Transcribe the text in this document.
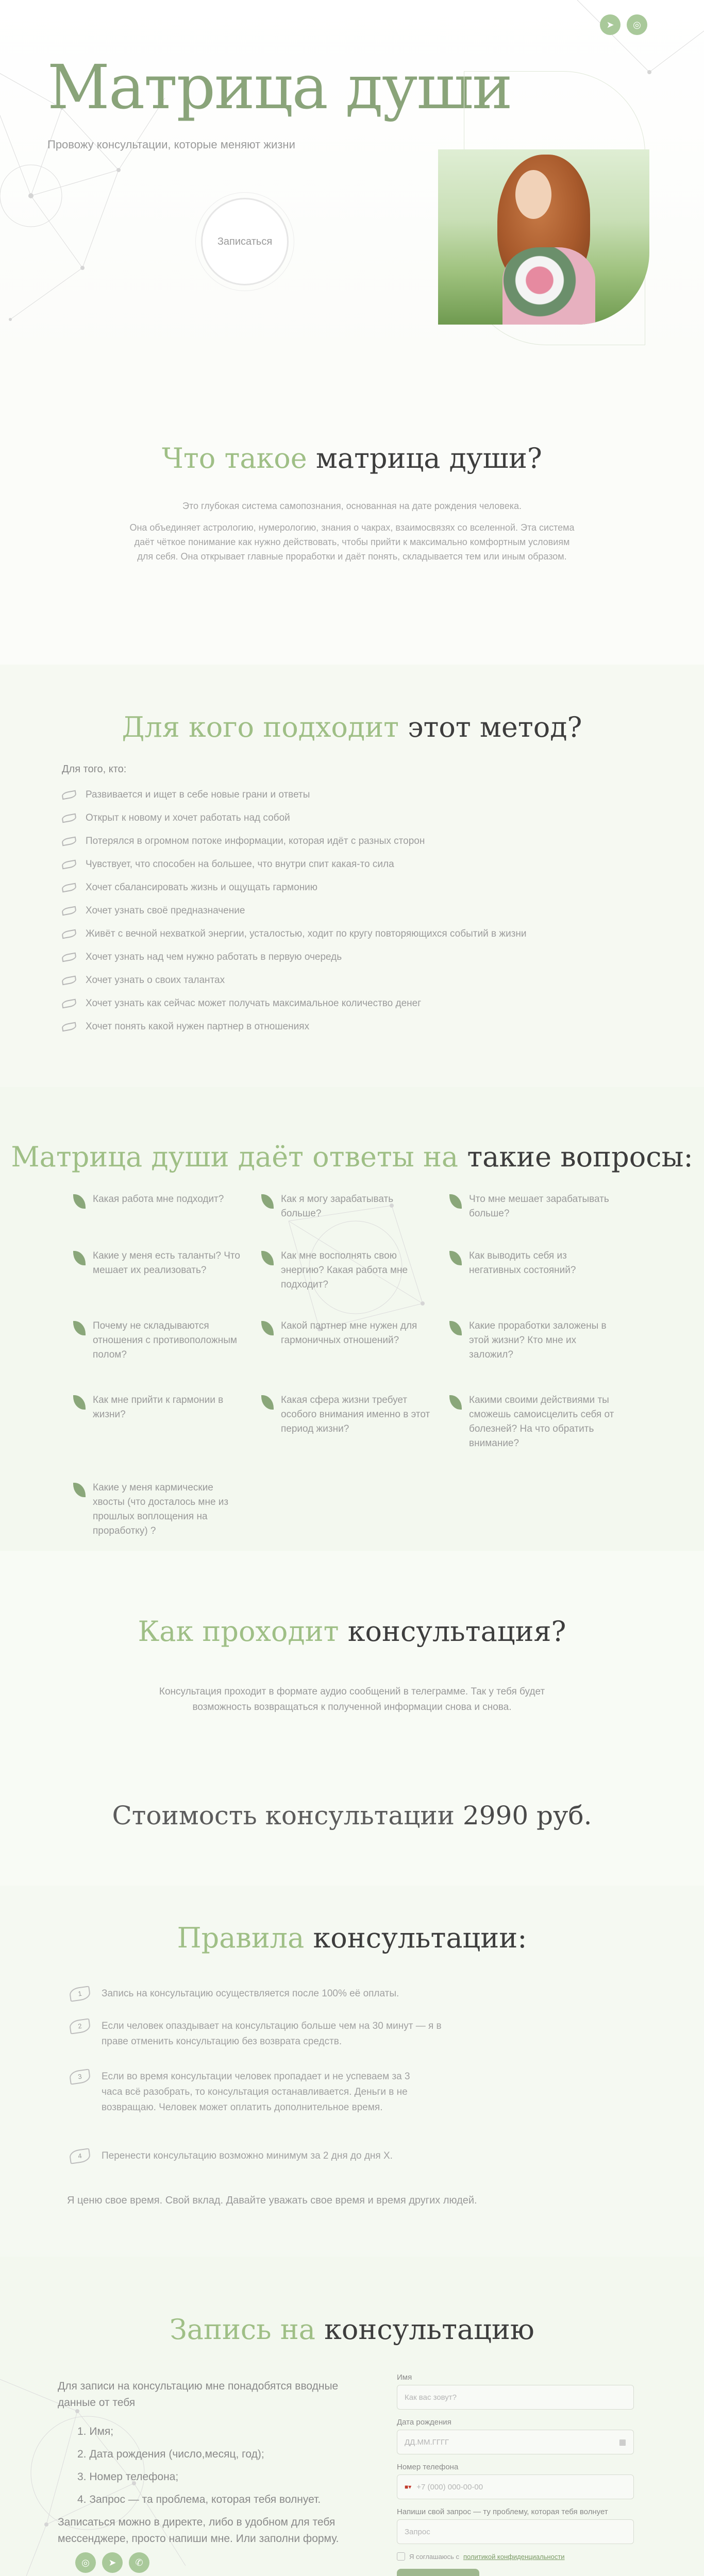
➤	◎
Матрица души
Провожу консультации, которые меняют жизни
Записаться
Что такое матрица души?

Это глубокая система самопознания, основанная на дате рождения человека.

Она объединяет астрологию, нумерологию, знания о чакрах, взаимосвязях со вселенной. Эта система даёт чёткое понимание как нужно действовать, чтобы прийти к максимально комфортным условиям для себя. Она открывает главные проработки и даёт понять, складывается тем или иным образом.

Для кого подходит этот метод?
Для того, кто:
Развивается и ищет в себе новые грани и ответы
Открыт к новому и хочет работать над собой
Потерялся в огромном потоке информации, которая идёт с разных сторон
Чувствует, что способен на большее, что внутри спит какая-то сила
Хочет сбалансировать жизнь и ощущать гармонию
Хочет узнать своё предназначение
Живёт с вечной нехваткой энергии, усталостью, ходит по кругу повторяющихся событий в жизни
Хочет узнать над чем нужно работать в первую очередь
Хочет узнать о своих талантах
Хочет узнать как сейчас может получать максимальное количество денег
Хочет понять какой нужен партнер в отношениях
Матрица души даёт ответы на такие вопросы:
Какая работа мне подходит?	Как я могу зарабатывать больше?
Что мне мешает зарабатывать больше?
Какие у меня есть таланты? Что мешает их реализовать?
Как мне восполнять свою энергию? Какая работа мне подходит?
Как выводить себя из негативных состояний?
Почему не складываются отношения с противоположным полом?
Какой партнер мне нужен для гармоничных отношений?
Какие проработки заложены в этой жизни? Кто мне их заложил?
Как мне прийти к гармонии в жизни?
Какая сфера жизни требует особого внимания именно в этот период жизни?
Какими своими действиями ты сможешь самоисцелить себя от болезней? На что обратить внимание?
Какие у меня кармические хвосты (что досталось мне из прошлых воплощения на проработку) ?
Как проходит консультация?

Консультация проходит в формате аудио сообщений в телеграмме. Так у тебя будет возможность возвращаться к полученной информации снова и снова.

Стоимость консультации 2990 руб.
Правила консультации:
1	Запись на консультацию осуществляется после 100% её оплаты.
2	Если человек опаздывает на консультацию больше чем на 30 минут — я в праве отменить консультацию без возврата средств.
3	Если во время консультации человек пропадает и не успеваем за 3 часа всё разобрать, то консультация останавливается. Деньги в не возвращаю. Человек может оплатить дополнительное время.
4	Перенести консультацию возможно минимум за 2 дня до дня Х.
Я ценю свое время. Свой вклад. Давайте уважать свое время и время других людей.
Запись на консультацию
Для записи на консультацию мне понадобятся вводные данные от тебя
1. Имя;
2. Дата рождения (число,месяц, год);
3. Номер телефона;
4. Запрос — та проблема, которая тебя волнует.
Записаться можно в директе, либо в удобном для тебя мессенджере, просто напиши мне. Или заполни форму.
◎	➤	✆
Имя
Как вас зовут?
Дата рождения
ДД.ММ.ГГГГ	▦
Номер телефона
■▾ +7 (000) 000-00-00
Напиши свой запрос — ту проблему, которая тебя волнует
Запрос
Я соглашаюсь с политикой конфиденциальности
